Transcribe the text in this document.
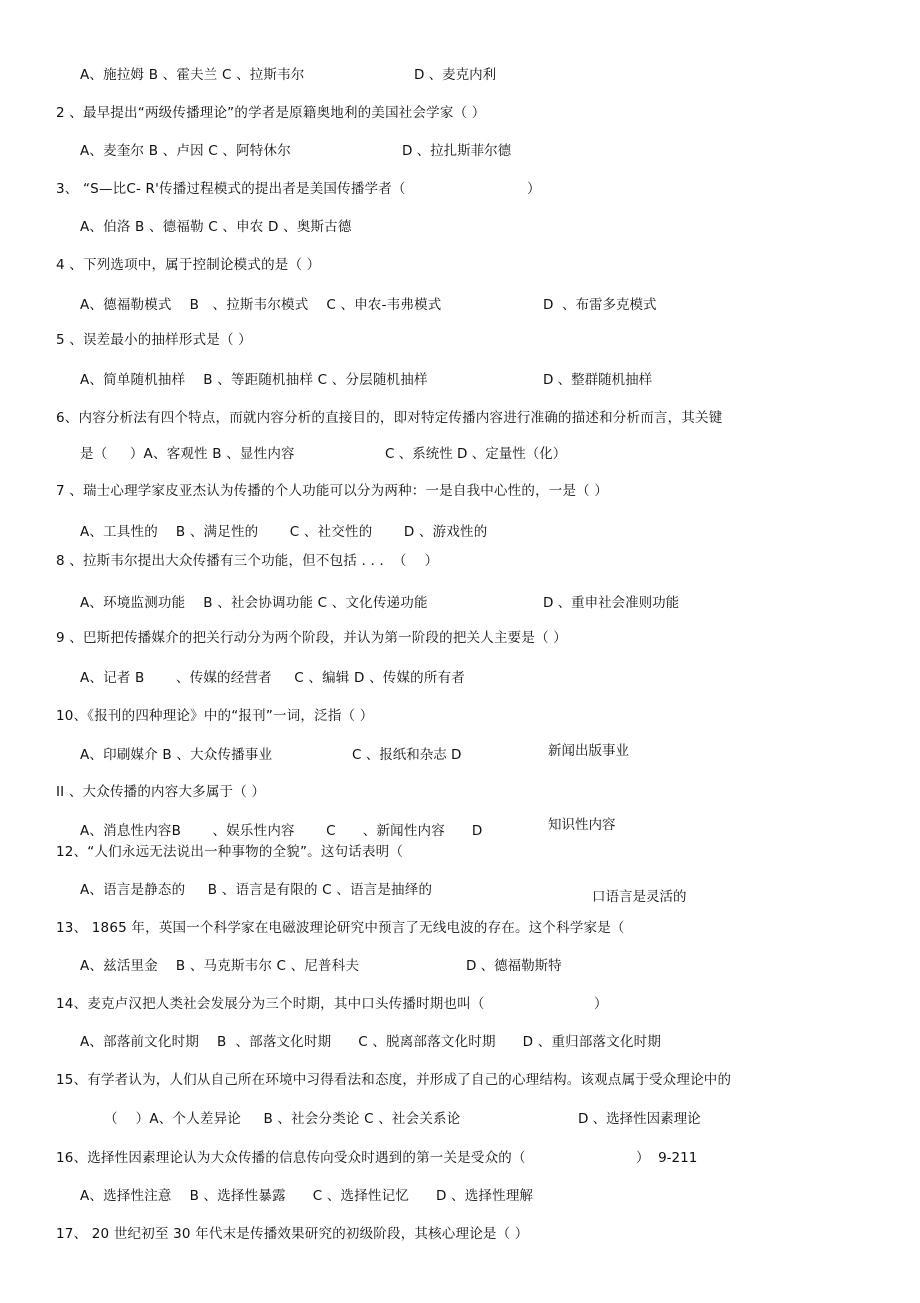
A、施拉姆 B 、霍夫兰 C 、拉斯韦尔	D 、麦克内利
2 、最早提出“两级传播理论”的学者是原籍奥地利的美国社会学家（ ）
A、麦奎尔 B 、卢因 C 、阿特休尔	D 、拉扎斯菲尔德
3、 “S—比C- R'传播过程模式的提出者是美国传播学者（	）
A、伯洛 B 、德福勒 C 、申农 D 、奥斯古德
4 、下列选项中，属于控制论模式的是（ ）
A、德福勒模式    B   、拉斯韦尔模式    C 、申农-韦弗模式	D  、布雷多克模式
5 、误差最小的抽样形式是（ ）
A、简单随机抽样    B 、等距随机抽样 C 、分层随机抽样	D 、整群随机抽样
6、内容分析法有四个特点，而就内容分析的直接目的，即对特定传播内容进行准确的描述和分析而言，其关键
是（     ）A、客观性 B 、显性内容	C 、系统性 D 、定量性（化）
7 、瑞士心理学家皮亚杰认为传播的个人功能可以分为两种：一是自我中心性的，一是（ ）
A、工具性的    B 、满足性的       C 、社交性的       D 、游戏性的
8 、拉斯韦尔提出大众传播有三个功能，但不包括 . . .  （    ）
A、环境监测功能    B 、社会协调功能 C 、文化传递功能	D 、重申社会准则功能
9 、巴斯把传播媒介的把关行动分为两个阶段，并认为第一阶段的把关人主要是（ ）
A、记者 B       、传媒的经营者     C 、编辑 D 、传媒的所有者
10、《报刊的四种理论》中的“报刊”一词，泛指（ ）
A、印刷媒介 B 、大众传播事业	C 、报纸和杂志 D	新闻出版事业
II 、大众传播的内容大多属于（ ）
A、消息性内容B       、娱乐性内容       C      、新闻性内容      D	知识性内容
12、“人们永远无法说出一种事物的全貌”。这句话表明（
A、语言是静态的     B 、语言是有限的 C 、语言是抽绎的	口语言是灵活的
13、 1865 年，英国一个科学家在电磁波理论研究中预言了无线电波的存在。这个科学家是（
A、兹活里金    B 、马克斯韦尔 C 、尼普科夫	D 、德福勒斯特
14、麦克卢汉把人类社会发展分为三个时期，其中口头传播时期也叫（	）
A、部落前文化时期    B  、部落文化时期      C 、脱离部落文化时期      D 、重归部落文化时期
15、有学者认为，人们从自己所在环境中习得看法和态度，并形成了自己的心理结构。该观点属于受众理论中的
（    ）A、个人差异论     B 、社会分类论 C 、社会关系论	D 、选择性因素理论
16、选择性因素理论认为大众传播的信息传向受众时遇到的第一关是受众的（	）  9-211
A、选择性注意    B 、选择性暴露      C 、选择性记忆      D 、选择性理解
17、 20 世纪初至 30 年代末是传播效果研究的初级阶段，其核心理论是（ ）
